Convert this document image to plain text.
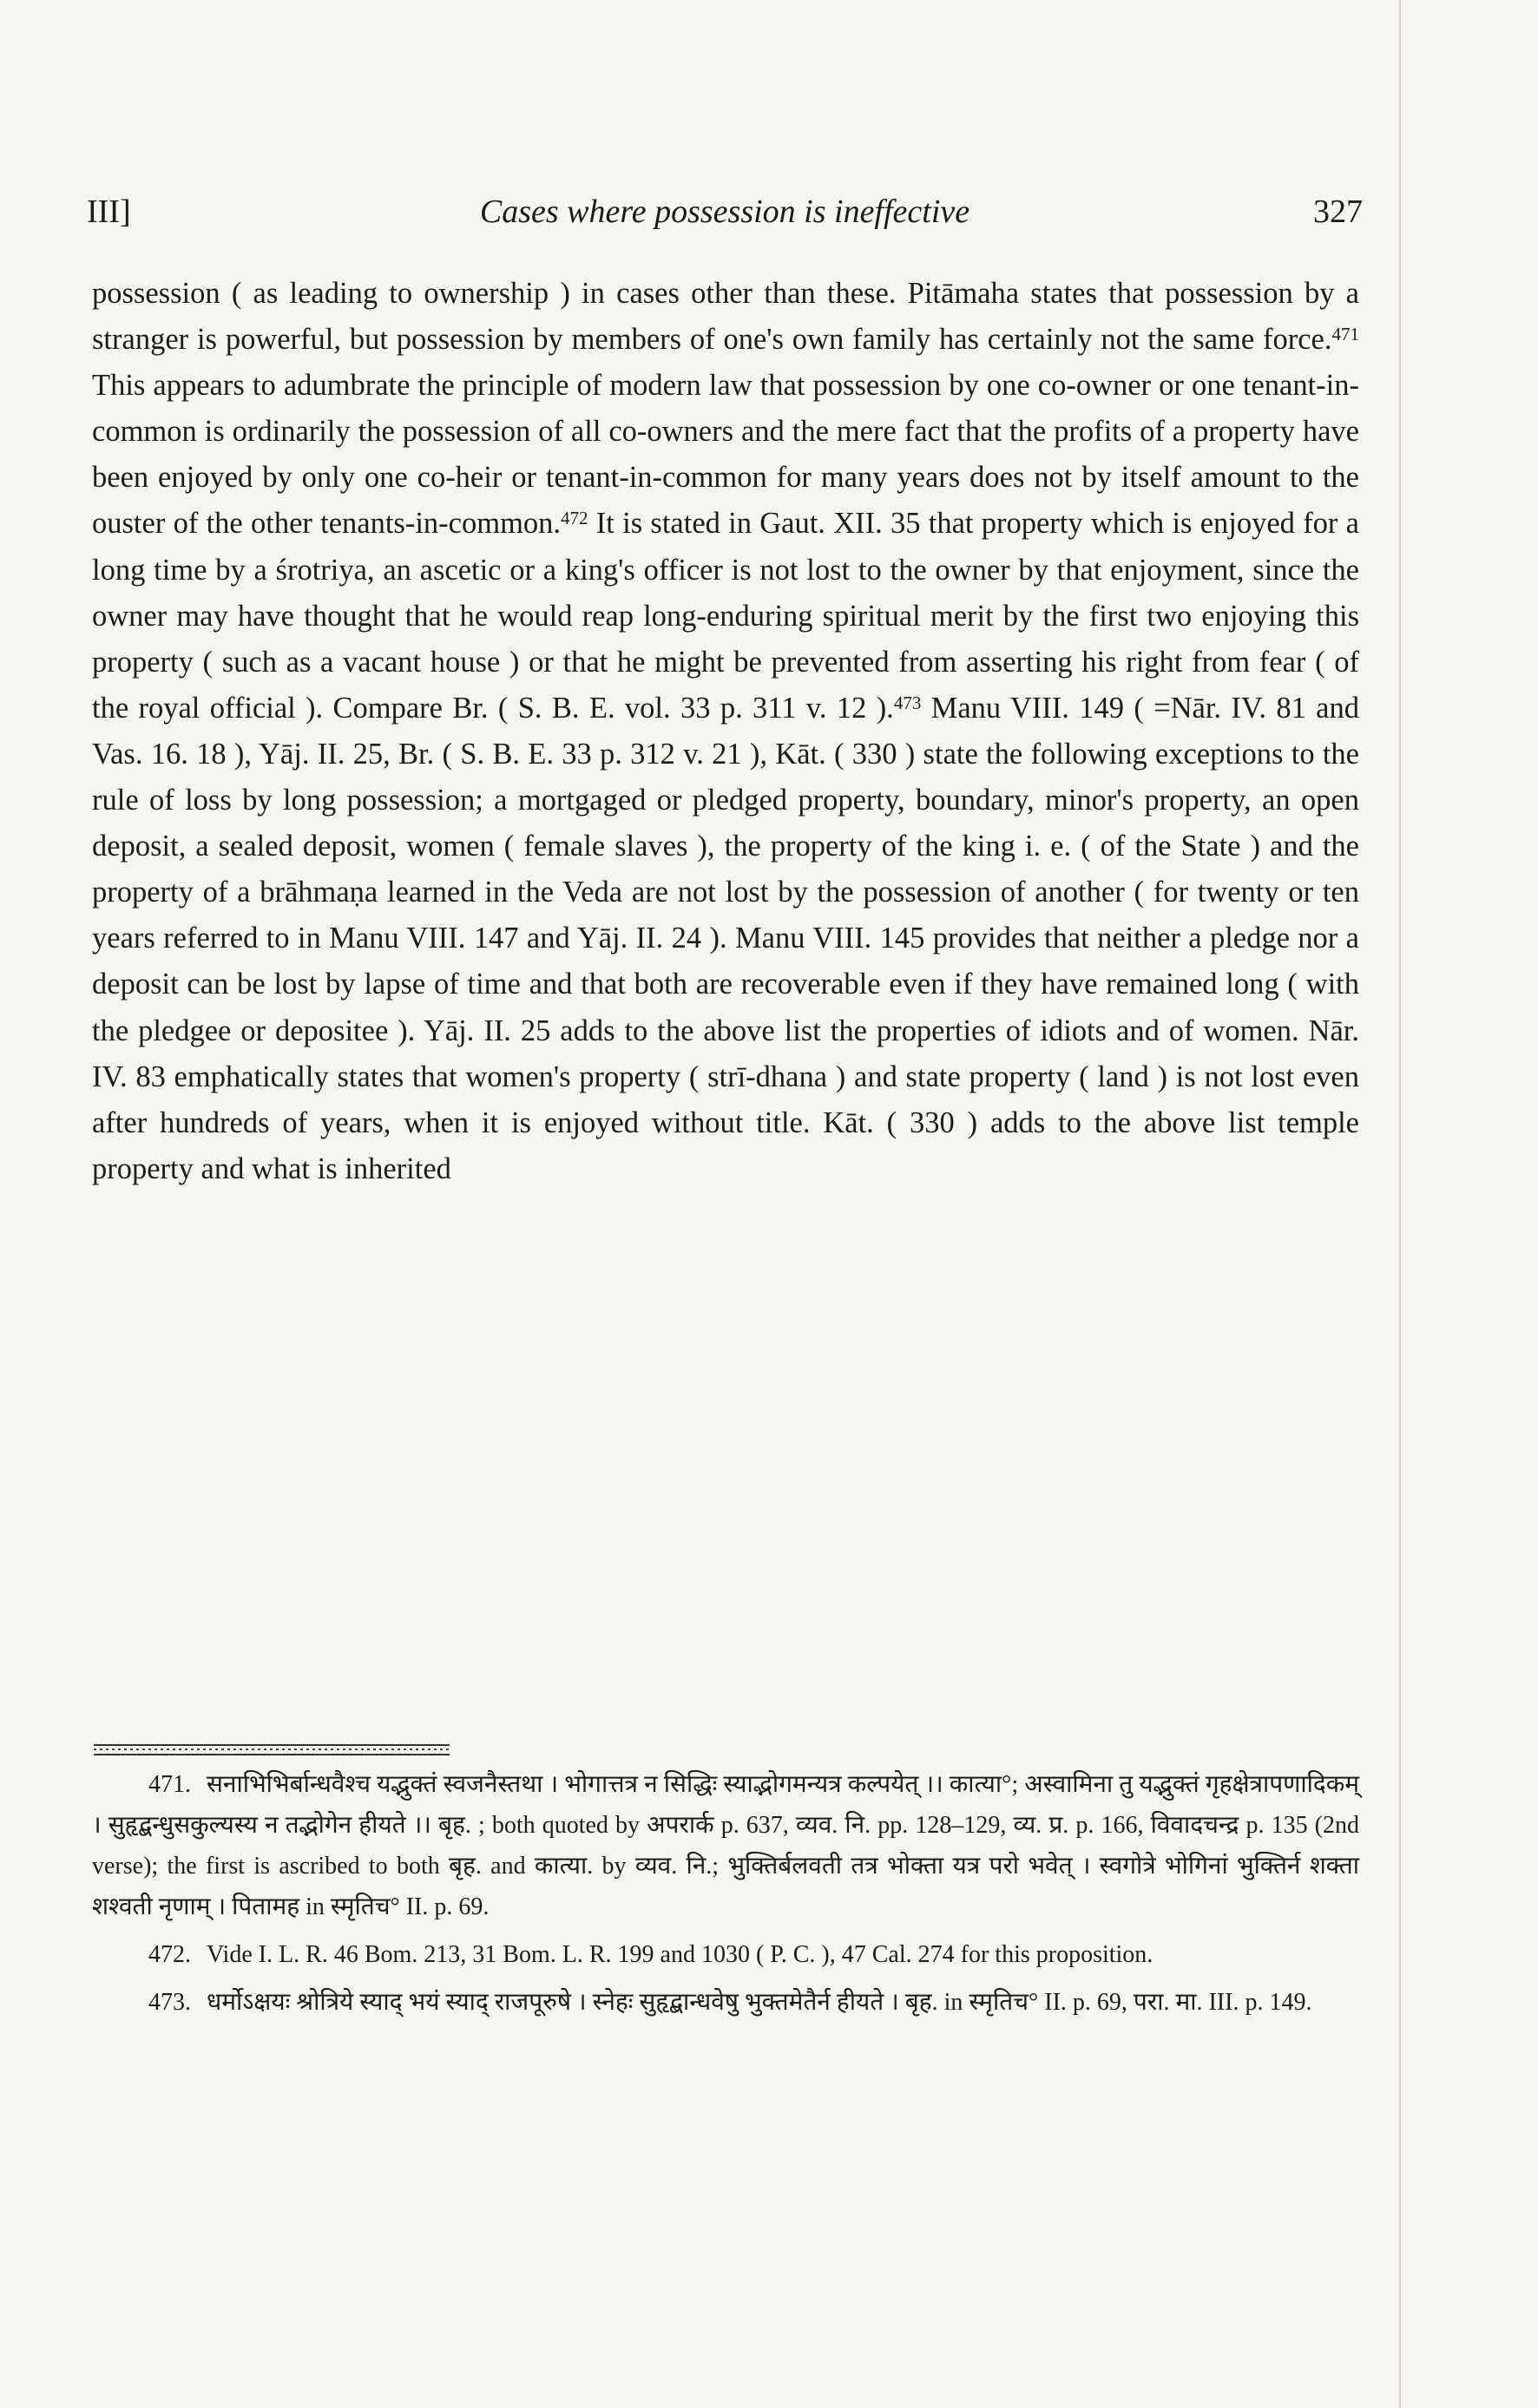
III]	Cases where possession is ineffective	327

possession ( as leading to ownership ) in cases other than these. Pitāmaha states that possession by a stranger is powerful, but possession by members of one's own family has certainly not the same force.$^{471}$ This appears to adumbrate the principle of modern law that possession by one co-owner or one tenant-in-common is ordinarily the possession of all co-owners and the mere fact that the profits of a property have been enjoyed by only one co-heir or tenant-in-common for many years does not by itself amount to the ouster of the other tenants-in-common.$^{472}$ It is stated in Gaut. XII. 35 that property which is enjoyed for a long time by a śrotriya, an ascetic or a king's officer is not lost to the owner by that enjoyment, since the owner may have thought that he would reap long-enduring spiritual merit by the first two enjoying this property ( such as a vacant house ) or that he might be prevented from asserting his right from fear ( of the royal official ). Compare Br. ( S. B. E. vol. 33 p. 311 v. 12 ).$^{473}$ Manu VIII. 149 ( =Nār. IV. 81 and Vas. 16. 18 ), Yāj. II. 25, Br. ( S. B. E. 33 p. 312 v. 21 ), Kāt. ( 330 ) state the following exceptions to the rule of loss by long possession; a mortgaged or pledged property, boundary, minor's property, an open deposit, a sealed deposit, women ( female slaves ), the property of the king i. e. ( of the State ) and the property of a brāhmaṇa learned in the Veda are not lost by the possession of another ( for twenty or ten years referred to in Manu VIII. 147 and Yāj. II. 24 ). Manu VIII. 145 provides that neither a pledge nor a deposit can be lost by lapse of time and that both are recoverable even if they have remained long ( with the pledgee or depositee ). Yāj. II. 25 adds to the above list the properties of idiots and of women. Nār. IV. 83 emphatically states that women's property ( strī-dhana ) and state property ( land ) is not lost even after hundreds of years, when it is enjoyed without title. Kāt. ( 330 ) adds to the above list temple property and what is inherited

471. सनाभिभिर्बान्धवैश्च यद्भुक्तं स्वजनैस्तथा । भोगात्तत्र न सिद्धिः स्याद्भोगमन्यत्र कल्पयेत् ।। कात्या°; अस्वामिना तु यद्भुक्तं गृहक्षेत्रापणादिकम् । सुहृद्बन्धुसकुल्यस्य न तद्भोगेन हीयते ।। बृह. ; both quoted by अपरार्क p. 637, व्यव. नि. pp. 128–129, व्य. प्र. p. 166, विवादचन्द्र p. 135 (2nd verse); the first is ascribed to both बृह. and कात्या. by व्यव. नि.; भुक्तिर्बलवती तत्र भोक्ता यत्र परो भवेत् । स्वगोत्रे भोगिनां भुक्तिर्न शक्ता शश्वती नृणाम् । पितामह in स्मृतिच° II. p. 69.

472. Vide I. L. R. 46 Bom. 213, 31 Bom. L. R. 199 and 1030 ( P. C. ), 47 Cal. 274 for this proposition.

473. धर्मोऽक्षयः श्रोत्रिये स्याद् भयं स्याद् राजपूरुषे । स्नेहः सुहृद्बान्धवेषु भुक्तमेतैर्न हीयते । बृह. in स्मृतिच° II. p. 69, परा. मा. III. p. 149.
